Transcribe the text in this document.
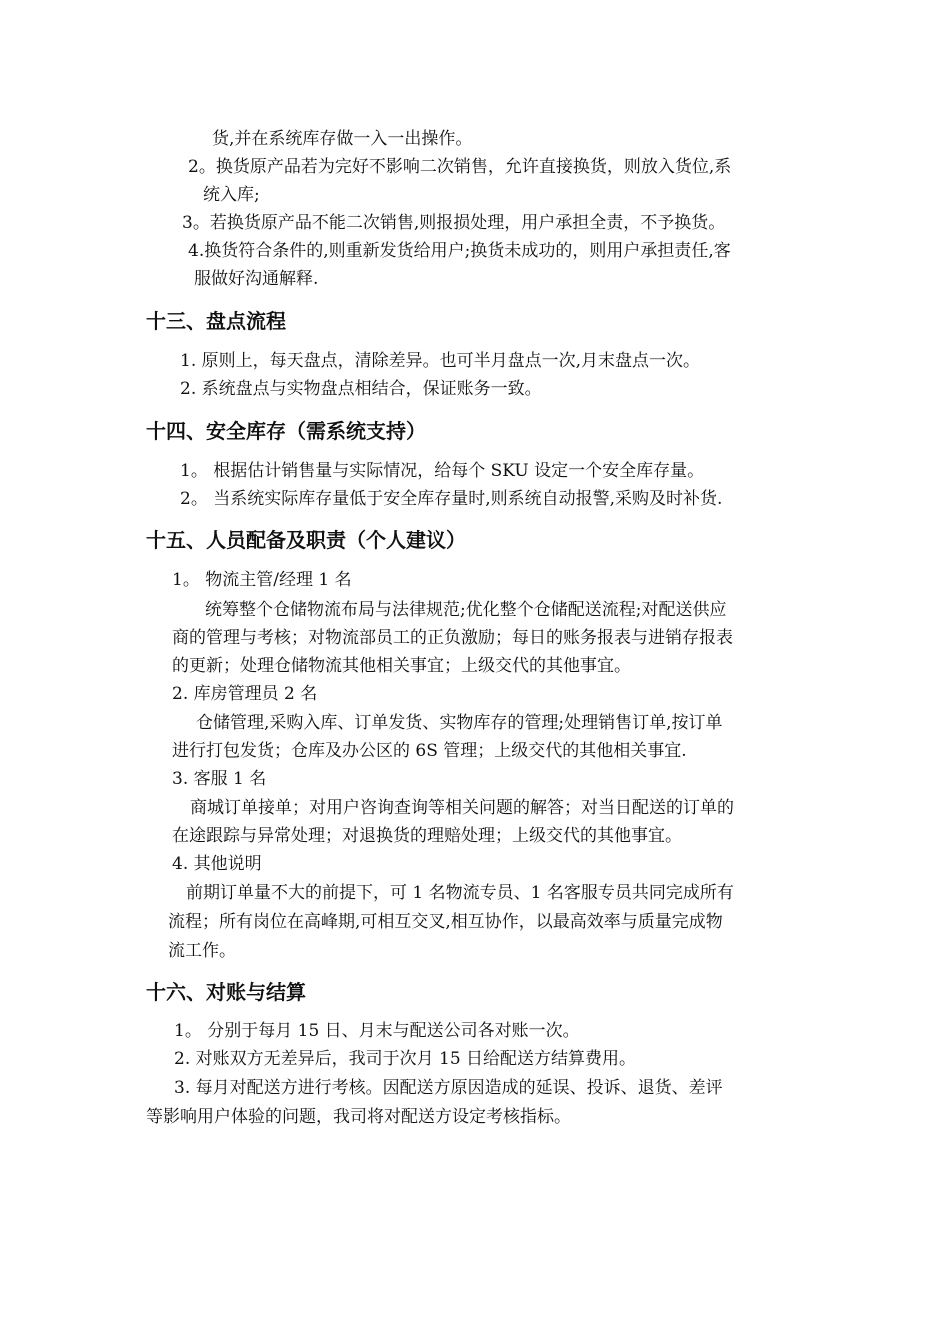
货,并在系统库存做一入一出操作。
2。换货原产品若为完好不影响二次销售，允许直接换货，则放入货位,系
统入库;
3。若换货原产品不能二次销售,则报损处理，用户承担全责，不予换货。
4.换货符合条件的,则重新发货给用户;换货未成功的，则用户承担责任,客
服做好沟通解释.
十三、盘点流程
1. 原则上，每天盘点，清除差异。也可半月盘点一次,月末盘点一次。
2. 系统盘点与实物盘点相结合，保证账务一致。
十四、安全库存（需系统支持）
1。 根据估计销售量与实际情况，给每个 SKU 设定一个安全库存量。
2。 当系统实际库存量低于安全库存量时,则系统自动报警,采购及时补货.
十五、人员配备及职责（个人建议）
1。 物流主管/经理 1 名
统筹整个仓储物流布局与法律规范;优化整个仓储配送流程;对配送供应
商的管理与考核；对物流部员工的正负激励；每日的账务报表与进销存报表
的更新；处理仓储物流其他相关事宜；上级交代的其他事宜。
2. 库房管理员 2 名
仓储管理,采购入库、订单发货、实物库存的管理;处理销售订单,按订单
进行打包发货；仓库及办公区的 6S 管理；上级交代的其他相关事宜.
3. 客服 1 名
商城订单接单；对用户咨询查询等相关问题的解答；对当日配送的订单的
在途跟踪与异常处理；对退换货的理赔处理；上级交代的其他事宜。
4. 其他说明
前期订单量不大的前提下，可 1 名物流专员、1 名客服专员共同完成所有
流程；所有岗位在高峰期,可相互交叉,相互协作，以最高效率与质量完成物
流工作。
十六、对账与结算
1。 分别于每月 15 日、月末与配送公司各对账一次。
2. 对账双方无差异后，我司于次月 15 日给配送方结算费用。
3. 每月对配送方进行考核。因配送方原因造成的延误、投诉、退货、差评
等影响用户体验的问题，我司将对配送方设定考核指标。
